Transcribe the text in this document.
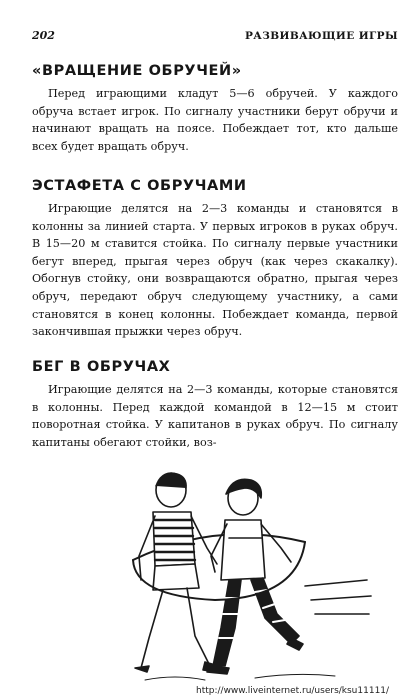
202	РАЗВИВАЮЩИЕ ИГРЫ
«ВРАЩЕНИЕ ОБРУЧЕЙ»

Перед играющими кладут 5—6 обручей. У каждого обруча встает игрок. По сигналу участники берут обручи и начинают вращать на поясе. Побеждает тот, кто дальше всех будет вращать обруч.

ЭСТАФЕТА С ОБРУЧАМИ

Играющие делятся на 2—3 команды и становятся в колонны за линией старта. У первых игроков в руках обруч. В 15—20 м ставится стойка. По сигналу первые участники бегут вперед, прыгая через обруч (как через скакалку). Обогнув стойку, они возвращаются обратно, прыгая через обруч, передают обруч следующему участнику, а сами становятся в конец колонны. Побеждает команда, первой закончившая прыжки через обруч.

БЕГ В ОБРУЧАХ

Играющие делятся на 2—3 команды, которые становятся в колонны. Перед каждой командой в 12—15 м стоит поворотная стойка. У капитанов в руках обруч. По сигналу капитаны обегают стойки, воз-

http://www.liveinternet.ru/users/ksu11111/
